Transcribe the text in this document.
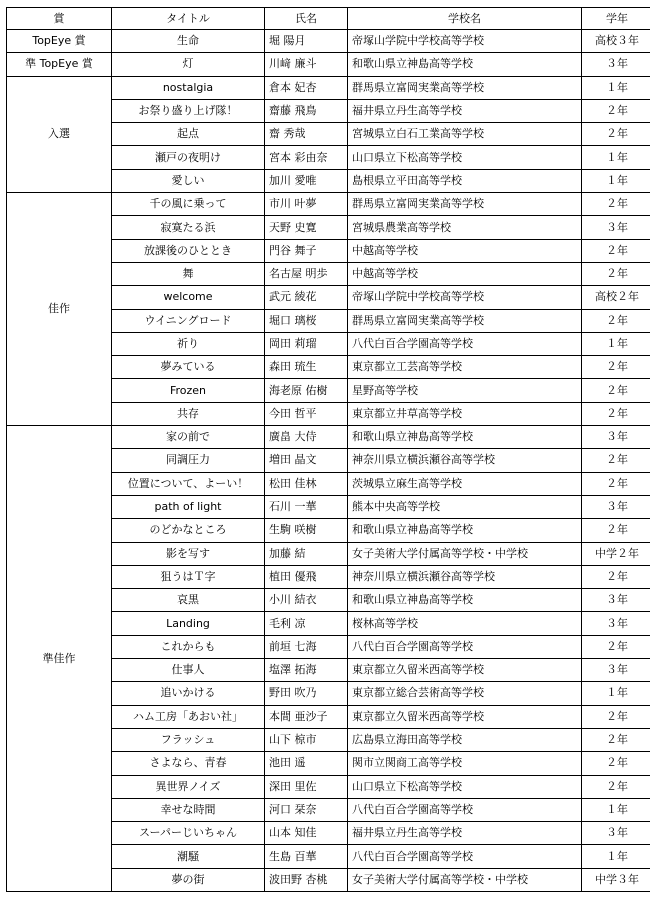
賞	タイトル	氏名	学校名	学年
TopEye 賞	生命	堀 陽月	帝塚山学院中学校高等学校	高校３年
準 TopEye 賞	灯	川﨑 廉斗	和歌山県立神島高等学校	３年
入選	nostalgia	倉本 妃杏	群馬県立富岡実業高等学校	１年
	お祭り盛り上げ隊！	齋藤 飛鳥	福井県立丹生高等学校	２年
	起点	齋 秀哉	宮城県立白石工業高等学校	２年
	瀬戸の夜明け	宮本 彩由奈	山口県立下松高等学校	１年
	愛しい	加川 愛唯	島根県立平田高等学校	１年
佳作	千の風に乗って	市川 叶夢	群馬県立富岡実業高等学校	２年
	寂寞たる浜	天野 史寛	宮城県農業高等学校	３年
	放課後のひととき	門谷 舞子	中越高等学校	２年
	舞	名古屋 明歩	中越高等学校	２年
	welcome	武元 綾花	帝塚山学院中学校高等学校	高校２年
	ウイニングロード	堀口 璃桜	群馬県立富岡実業高等学校	２年
	祈り	岡田 莉瑠	八代白百合学園高等学校	１年
	夢みている	森田 琉生	東京都立工芸高等学校	２年
	Frozen	海老原 佑樹	星野高等学校	２年
	共存	今田 哲平	東京都立井草高等学校	２年
準佳作	家の前で	廣畠 大侍	和歌山県立神島高等学校	３年
	同調圧力	増田 晶文	神奈川県立横浜瀬谷高等学校	２年
	位置について、よーい！	松田 佳林	茨城県立麻生高等学校	２年
	path of light	石川 一華	熊本中央高等学校	３年
	のどかなところ	生駒 咲樹	和歌山県立神島高等学校	２年
	影を写す	加藤 結	女子美術大学付属高等学校・中学校	中学２年
	狙うはＴ字	植田 優飛	神奈川県立横浜瀬谷高等学校	２年
	哀黒	小川 結衣	和歌山県立神島高等学校	３年
	Landing	毛利 凉	桜林高等学校	３年
	これからも	前垣 七海	八代白百合学園高等学校	２年
	仕事人	塩澤 拓海	東京都立久留米西高等学校	３年
	追いかける	野田 吹乃	東京都立総合芸術高等学校	１年
	ハム工房「あおい社」	本間 亜沙子	東京都立久留米西高等学校	２年
	フラッシュ	山下 椋市	広島県立海田高等学校	２年
	さよなら、青春	池田 遥	関市立関商工高等学校	２年
	異世界ノイズ	深田 里佐	山口県立下松高等学校	２年
	幸せな時間	河口 栞奈	八代白百合学園高等学校	１年
	スーパーじいちゃん	山本 知佳	福井県立丹生高等学校	３年
	潮騒	生島 百華	八代白百合学園高等学校	１年
	夢の街	波田野 杏桃	女子美術大学付属高等学校・中学校	中学３年
